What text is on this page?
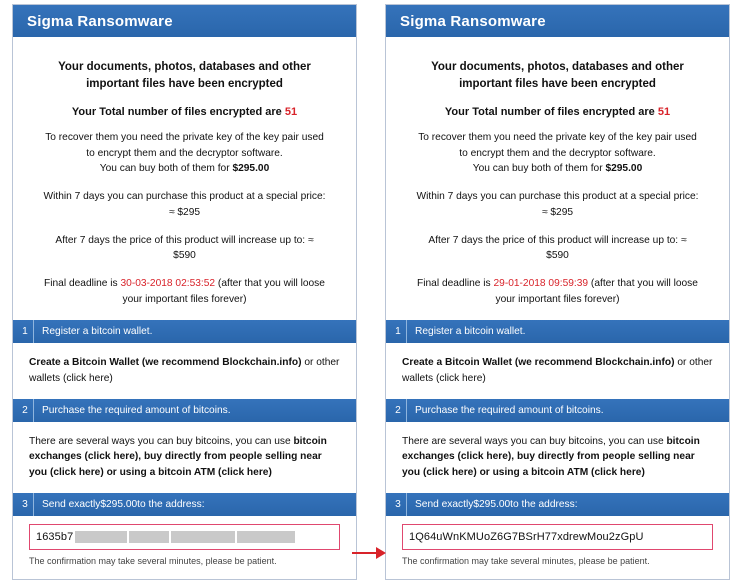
Sigma Ransomware
Your documents, photos, databases and other
important files have been encrypted
Your Total number of files encrypted are 51
To recover them you need the private key of the key pair used
to encrypt them and the decryptor software.
You can buy both of them for $295.00
Within 7 days you can purchase this product at a special price:
≈ $295
After 7 days the price of this product will increase up to: ≈
$590
Final deadline is 30-03-2018 02:53:52 (after that you will loose
your important files forever)
1	Register a bitcoin wallet.
Create a Bitcoin Wallet (we recommend Blockchain.info) or other wallets (click here)
2	Purchase the required amount of bitcoins.
There are several ways you can buy bitcoins, you can use bitcoin exchanges (click here), buy directly from people selling near you (click here) or using a bitcoin ATM (click here)
3	Send exactly $295.00 to the address:
1635b7
The confirmation may take several minutes, please be patient.
Sigma Ransomware
Your documents, photos, databases and other
important files have been encrypted
Your Total number of files encrypted are 51
To recover them you need the private key of the key pair used
to encrypt them and the decryptor software.
You can buy both of them for $295.00
Within 7 days you can purchase this product at a special price:
≈ $295
After 7 days the price of this product will increase up to: ≈
$590
Final deadline is 29-01-2018 09:59:39 (after that you will loose
your important files forever)
1	Register a bitcoin wallet.
Create a Bitcoin Wallet (we recommend Blockchain.info) or other wallets (click here)
2	Purchase the required amount of bitcoins.
There are several ways you can buy bitcoins, you can use bitcoin exchanges (click here), buy directly from people selling near you (click here) or using a bitcoin ATM (click here)
3	Send exactly $295.00 to the address:
1Q64uWnKMUoZ6G7BSrH77xdrewMou2zGpU
The confirmation may take several minutes, please be patient.
